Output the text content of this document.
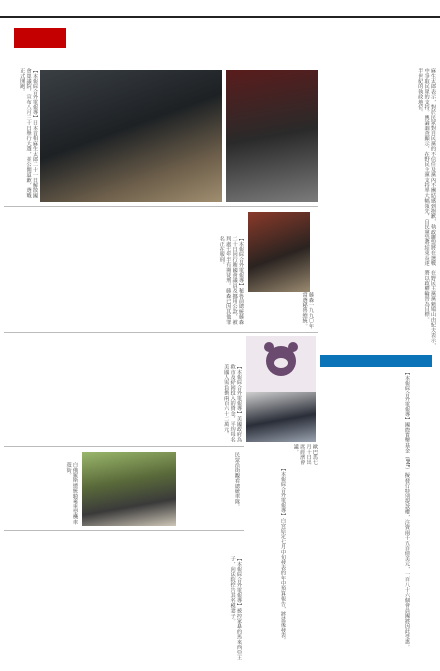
【本報綜合外電報導】日本首相麻生太郎二十一日解散國會眾議院，宣布八月三十日舉行大選，並公開道歉，選戰正式開跑。	麻生太郎表示，對於民眾對自民黨的不信任及黨內不團結感到抱歉，執政聯盟將在選戰中爭取民眾的支持。輿論調查顯示，在野民主黨支持率大幅領先，自民黨恐將結束長達半世紀的執政地位。
【本報綜合外電報導】秘魯前總統藤森二十日因行賄國會議員及挪用公款，被判處七年半有期徒刑。藤森已因其他罪名正在服刑。
藤森一九九〇年當選秘魯總統。
【本報綜合外電報導】美國政府為救市及紓困投入的資金，平均每名美國人需負擔兩百六十二萬元。
歐巴馬七月十日出席經濟會議。
白俄羅斯總統騎乘重型機車遊街。	民眾沿街觀看總統車隊。
【本報綜合外電報導】被控家暴的馬來西亞王子，向法院控告其名模妻子。	【本報綜合外電報導】白宮原定七月中旬發表的年中預算報告，將延後發表。	【本報綜合外電報導】國際貨幣基金（IMF）擬發行特別提款權，注資兩千五百億美元，一百八十六個會員國將因此受惠。
在野民主黨黨魁鳩山由紀夫表示，將以政權輪替為目標。
